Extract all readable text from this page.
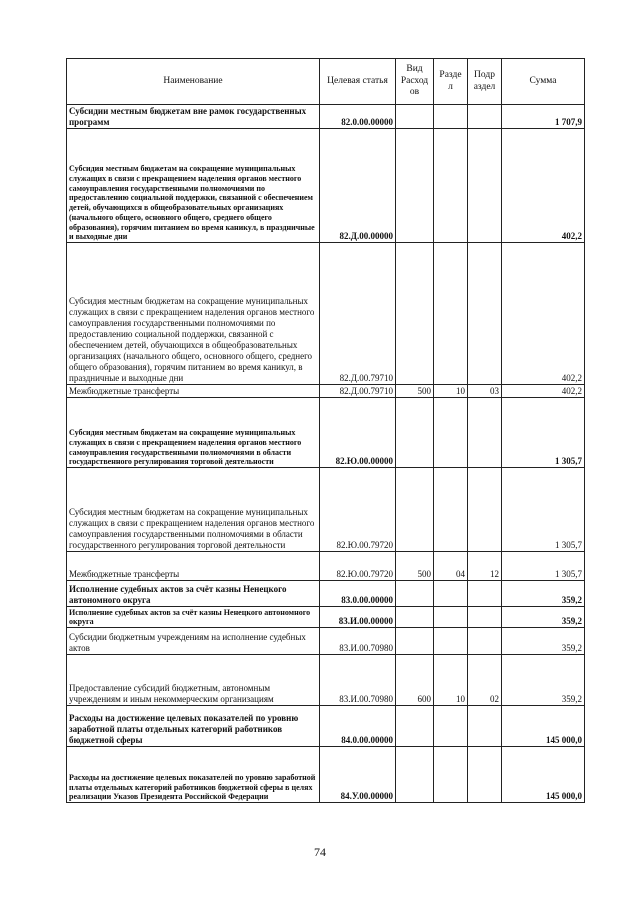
Наименование	Целевая статья	Вид Расход ов	Разде л	Подр аздел	Сумма
Субсидии местным бюджетам вне рамок государственных программ	82.0.00.00000				1 707,9
Субсидия местным бюджетам на сокращение муниципальных служащих в связи с прекращением наделения органов местного самоуправления государственными полномочиями по предоставлению социальной поддержки, связанной с обеспечением детей, обучающихся в общеобразовательных организациях (начального общего, основного общего, среднего общего образования), горячим питанием во время каникул, в праздничные и выходные дни	82.Д.00.00000				402,2
Субсидия местным бюджетам на сокращение муниципальных служащих в связи с прекращением наделения органов местного самоуправления государственными полномочиями по предоставлению социальной поддержки, связанной с обеспечением детей, обучающихся в общеобразовательных организациях (начального общего, основного общего, среднего общего образования), горячим питанием во время каникул, в праздничные и выходные дни	82.Д.00.79710				402,2
Межбюджетные трансферты	82.Д.00.79710	500	10	03	402,2
Субсидия местным бюджетам на сокращение муниципальных служащих в связи с прекращением наделения органов местного самоуправления государственными полномочиями в области государственного регулирования торговой деятельности	82.Ю.00.00000				1 305,7
Субсидия местным бюджетам на сокращение муниципальных служащих в связи с прекращением наделения органов местного самоуправления государственными полномочиями в области государственного регулирования торговой деятельности	82.Ю.00.79720				1 305,7
Межбюджетные трансферты	82.Ю.00.79720	500	04	12	1 305,7
Исполнение судебных актов за счёт казны Ненецкого автономного округа	83.0.00.00000				359,2
Исполнение судебных актов за счёт казны Ненецкого автономного округа	83.И.00.00000				359,2
Субсидии бюджетным учреждениям на исполнение судебных актов	83.И.00.70980				359,2
Предоставление субсидий бюджетным, автономным учреждениям и иным некоммерческим организациям	83.И.00.70980	600	10	02	359,2
Расходы на достижение целевых показателей по уровню заработной платы отдельных категорий работников бюджетной сферы	84.0.00.00000				145 000,0
Расходы на достижение целевых показателей по уровню заработной платы отдельных категорий работников бюджетной сферы в целях реализации Указов Президента Российской Федерации	84.У.00.00000				145 000,0
74
